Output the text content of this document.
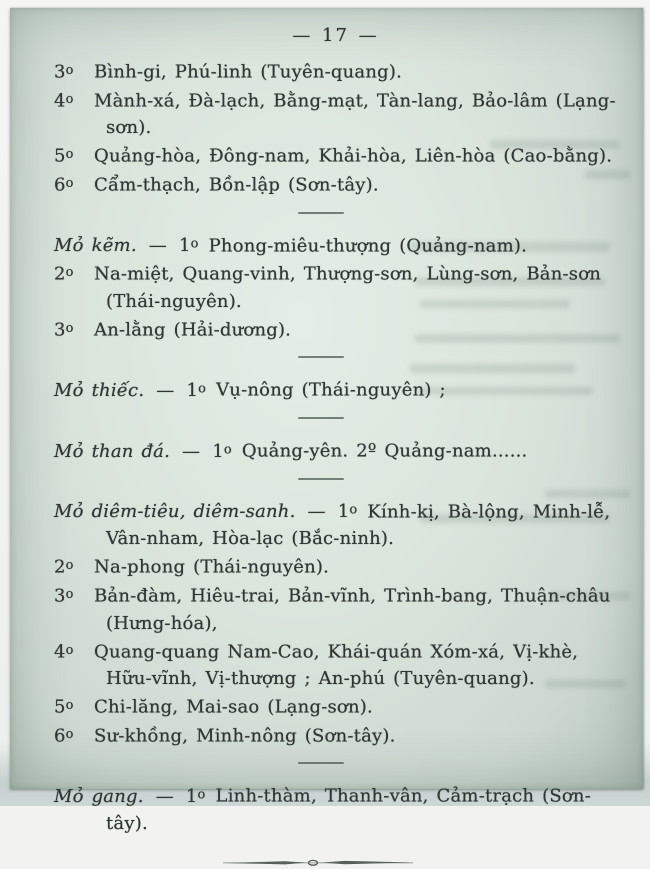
— 17 —

3$^o$ Bình-gi, Phú-linh (Tuyên-quang).

4$^o$ Mành-xá, Đà-lạch, Bằng-mạt, Tàn-lang, Bảo-lâm (Lạng-sơn).

5$^o$ Quảng-hòa, Đông-nam, Khải-hòa, Liên-hòa (Cao-bằng).

6$^o$ Cẩm-thạch, Bồn-lập (Sơn-tây).

Mỏ kẽm. — 1$^o$ Phong-miêu-thượng (Quảng-nam).

2$^o$ Na-miệt, Quang-vinh, Thượng-sơn, Lùng-sơn, Bản-sơn (Thái-nguyên).

3$^o$ An-lằng (Hải-dương).

Mỏ thiếc. — 1$^o$ Vụ-nông (Thái-nguyên) ;

Mỏ than đá. — 1$^o$ Quảng-yên. 2º Quảng-nam......

Mỏ diêm-tiêu, diêm-sanh. — 1$^o$ Kính-kị, Bà-lộng, Minh-lễ, Vân-nham, Hòa-lạc (Bắc-ninh).

2$^o$ Na-phong (Thái-nguyên).

3$^o$ Bản-đàm, Hiêu-trai, Bản-vĩnh, Trình-bang, Thuận-châu (Hưng-hóa),

4$^o$ Quang-quang Nam-Cao, Khái-quán Xóm-xá, Vị-khè, Hữu-vĩnh, Vị-thượng ; An-phú (Tuyên-quang).

5$^o$ Chi-lăng, Mai-sao (Lạng-sơn).

6$^o$ Sư-khồng, Minh-nông (Sơn-tây).

Mỏ gang. — 1$^o$ Linh-thàm, Thanh-vân, Cảm-trạch (Sơn-tây).
